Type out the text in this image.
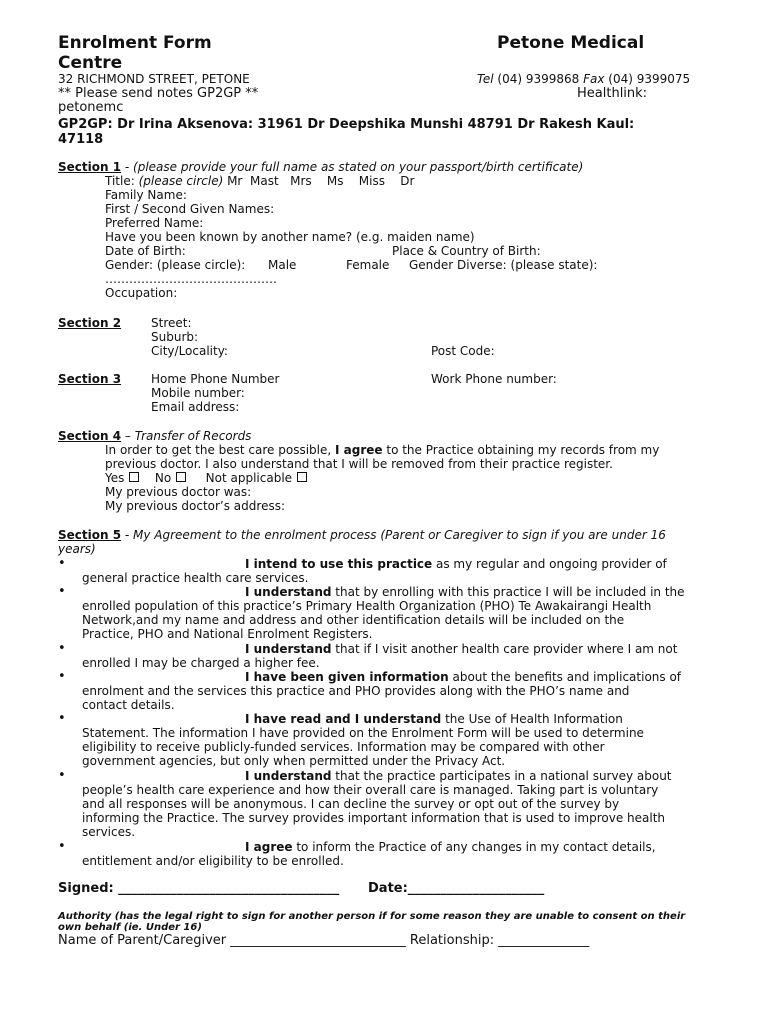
Enrolment Form
Centre
Petone Medical
32 RICHMOND STREET, PETONE	Tel (04) 9399868 Fax (04) 9399075
** Please send notes GP2GP **	Healthlink:
petonemc
GP2GP: Dr Irina Aksenova: 31961 Dr Deepshika Munshi 48791 Dr Rakesh Kaul:
47118
Section 1 - (please provide your full name as stated on your passport/birth certificate)
Title: (please circle) Mr  Mast   Mrs    Ms    Miss    Dr
Family Name:
First / Second Given Names:
Preferred Name:
Have you been known by another name? (e.g. maiden name)
Date of Birth:	Place & Country of Birth:
Gender: (please circle): Male	Female Gender Diverse: (please state):
…………………………………….
Occupation:
Section 2 Street:
Suburb:
City/Locality:	Post Code:
Section 3 Home Phone Number	Work Phone number:
Mobile number:
Email address:
Section 4 – Transfer of Records
In order to get the best care possible, I agree to the Practice obtaining my records from my
previous doctor. I also understand that I will be removed from their practice register.
Yes	No	Not applicable
My previous doctor was:
My previous doctor’s address:
Section 5 - My Agreement to the enrolment process (Parent or Caregiver to sign if you are under 16
years)
•	I intend to use this practice as my regular and ongoing provider of
general practice health care services.
•	I understand that by enrolling with this practice I will be included in the
enrolled population of this practice’s Primary Health Organization (PHO) Te Awakairangi Health
Network,and my name and address and other identification details will be included on the
Practice, PHO and National Enrolment Registers.
•	I understand that if I visit another health care provider where I am not
enrolled I may be charged a higher fee.
•	I have been given information about the benefits and implications of
enrolment and the services this practice and PHO provides along with the PHO’s name and
contact details.
•	I have read and I understand the Use of Health Information
Statement. The information I have provided on the Enrolment Form will be used to determine
eligibility to receive publicly-funded services. Information may be compared with other
government agencies, but only when permitted under the Privacy Act.
•	I understand that the practice participates in a national survey about
people’s health care experience and how their overall care is managed. Taking part is voluntary
and all responses will be anonymous. I can decline the survey or opt out of the survey by
informing the Practice. The survey provides important information that is used to improve health
services.
•	I agree to inform the Practice of any changes in my contact details,
entitlement and/or eligibility to be enrolled.
Signed: __________________________________ Date:_____________________
Authority (has the legal right to sign for another person if for some reason they are unable to consent on their
own behalf (ie. Under 16)
Name of Parent/Caregiver ___________________________ Relationship: ______________
